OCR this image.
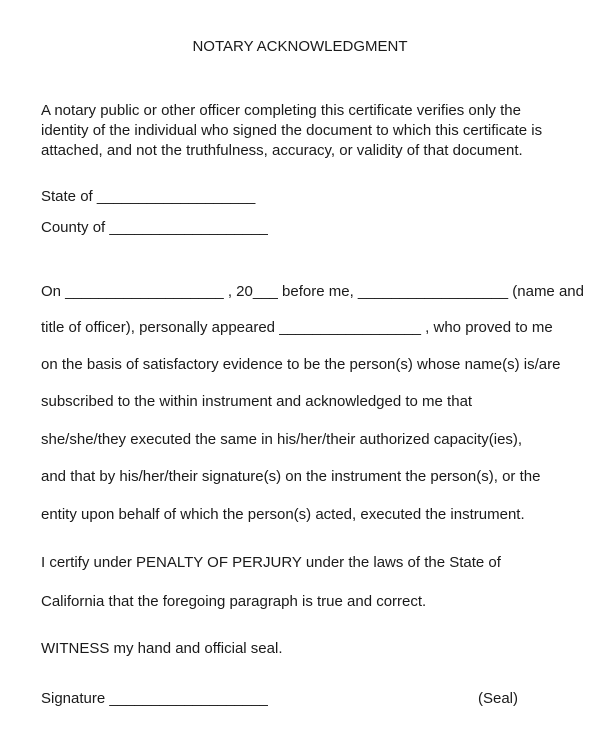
NOTARY ACKNOWLEDGMENT
A notary public or other officer completing this certificate verifies only the
identity of the individual who signed the document to which this certificate is
attached, and not the truthfulness, accuracy, or validity of that document.
State of ___________________
County of ___________________
On ___________________ , 20___ before me, __________________ (name and
title of officer), personally appeared _________________ , who proved to me
on the basis of satisfactory evidence to be the person(s) whose name(s) is/are
subscribed to the within instrument and acknowledged to me that
she/she/they executed the same in his/her/their authorized capacity(ies),
and that by his/her/their signature(s) on the instrument the person(s), or the
entity upon behalf of which the person(s) acted, executed the instrument.
I certify under PENALTY OF PERJURY under the laws of the State of
California that the foregoing paragraph is true and correct.
WITNESS my hand and official seal.
Signature ___________________	(Seal)
